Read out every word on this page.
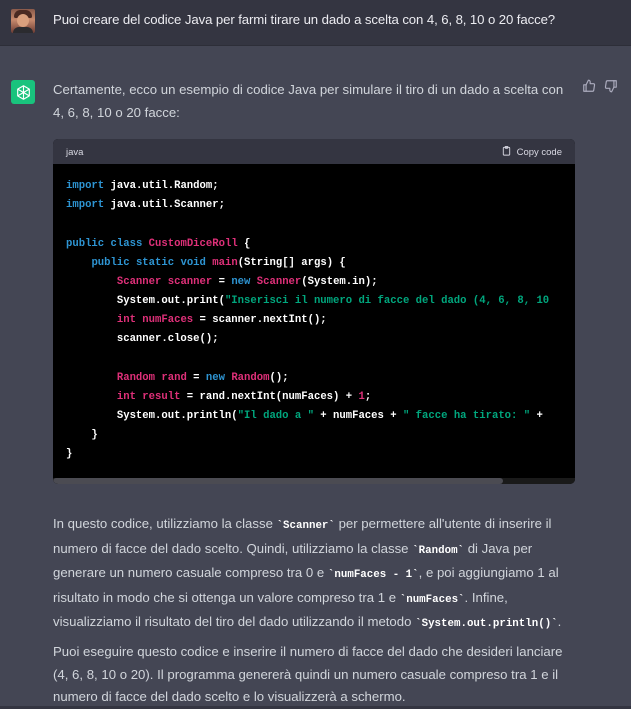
Puoi creare del codice Java per farmi tirare un dado a scelta con 4, 6, 8, 10 o 20 facce?
Certamente, ecco un esempio di codice Java per simulare il tiro di un dado a scelta con 4, 6, 8, 10 o 20 facce:
java	Copy code
import java.util.Random;
import java.util.Scanner;
public class CustomDiceRoll {
public static void main(String[] args) {
Scanner scanner = new Scanner(System.in);
System.out.print("Inserisci il numero di facce del dado (4, 6, 8, 10
int numFaces = scanner.nextInt();
scanner.close();
Random rand = new Random();
int result = rand.nextInt(numFaces) + 1;
System.out.println("Il dado a " + numFaces + " facce ha tirato: " +
}
}
In questo codice, utilizziamo la classe `Scanner` per permettere all'utente di inserire il numero di facce del dado scelto. Quindi, utilizziamo la classe `Random` di Java per generare un numero casuale compreso tra 0 e `numFaces - 1`, e poi aggiungiamo 1 al risultato in modo che si ottenga un valore compreso tra 1 e `numFaces`. Infine, visualizziamo il risultato del tiro del dado utilizzando il metodo `System.out.println()`.
Puoi eseguire questo codice e inserire il numero di facce del dado che desideri lanciare (4, 6, 8, 10 o 20). Il programma genererà quindi un numero casuale compreso tra 1 e il numero di facce del dado scelto e lo visualizzerà a schermo.
